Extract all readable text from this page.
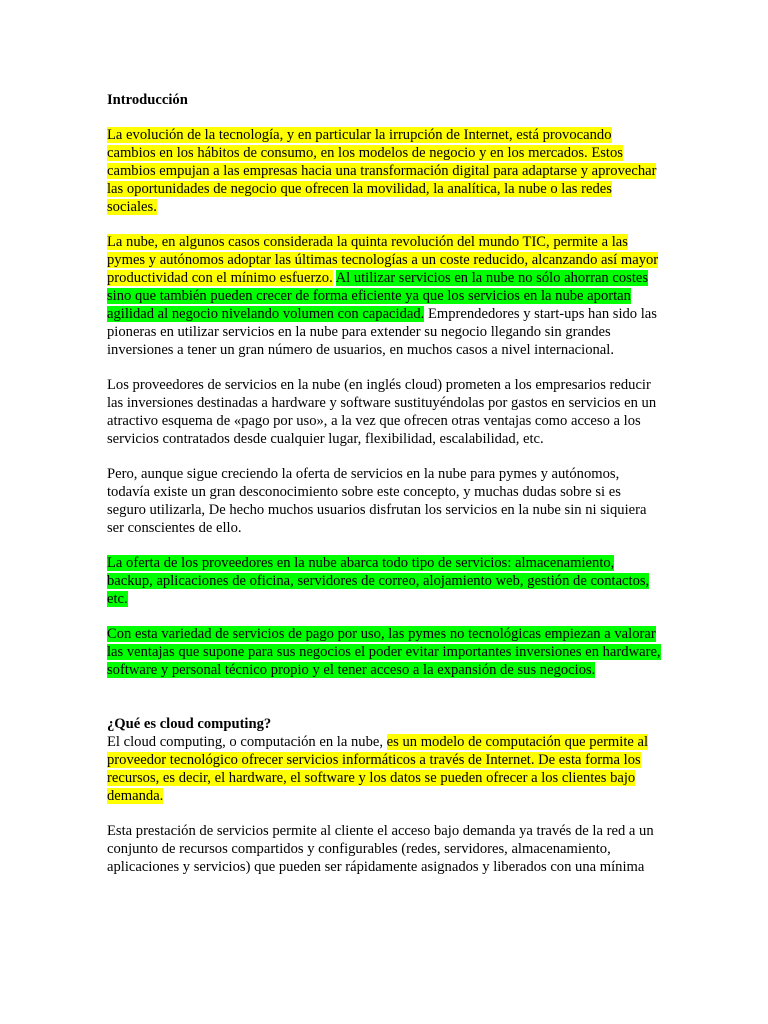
Introducción

La evolución de la tecnología, y en particular la irrupción de Internet, está provocando cambios en los hábitos de consumo, en los modelos de negocio y en los mercados. Estos cambios empujan a las empresas hacia una transformación digital para adaptarse y aprovechar las oportunidades de negocio que ofrecen la movilidad, la analítica, la nube o las redes sociales.

La nube, en algunos casos considerada la quinta revolución del mundo TIC, permite a las pymes y autónomos adoptar las últimas tecnologías a un coste reducido, alcanzando así mayor productividad con el mínimo esfuerzo. Al utilizar servicios en la nube no sólo ahorran costes sino que también pueden crecer de forma eficiente ya que los servicios en la nube aportan agilidad al negocio nivelando volumen con capacidad. Emprendedores y start-ups han sido las pioneras en utilizar servicios en la nube para extender su negocio llegando sin grandes inversiones a tener un gran número de usuarios, en muchos casos a nivel internacional.

Los proveedores de servicios en la nube (en inglés cloud) prometen a los empresarios reducir las inversiones destinadas a hardware y software sustituyéndolas por gastos en servicios en un atractivo esquema de «pago por uso», a la vez que ofrecen otras ventajas como acceso a los servicios contratados desde cualquier lugar, flexibilidad, escalabilidad, etc.

Pero, aunque sigue creciendo la oferta de servicios en la nube para pymes y autónomos, todavía existe un gran desconocimiento sobre este concepto, y muchas dudas sobre si es seguro utilizarla, De hecho muchos usuarios disfrutan los servicios en la nube sin ni siquiera ser conscientes de ello.

La oferta de los proveedores en la nube abarca todo tipo de servicios: almacenamiento, backup, aplicaciones de oficina, servidores de correo, alojamiento web, gestión de contactos, etc.

Con esta variedad de servicios de pago por uso, las pymes no tecnológicas empiezan a valorar las ventajas que supone para sus negocios el poder evitar importantes inversiones en hardware, software y personal técnico propio y el tener acceso a la expansión de sus negocios.

¿Qué es cloud computing?

El cloud computing, o computación en la nube, es un modelo de computación que permite al proveedor tecnológico ofrecer servicios informáticos a través de Internet. De esta forma los recursos, es decir, el hardware, el software y los datos se pueden ofrecer a los clientes bajo demanda.

Esta prestación de servicios permite al cliente el acceso bajo demanda ya través de la red a un conjunto de recursos compartidos y configurables (redes, servidores, almacenamiento, aplicaciones y servicios) que pueden ser rápidamente asignados y liberados con una mínima
